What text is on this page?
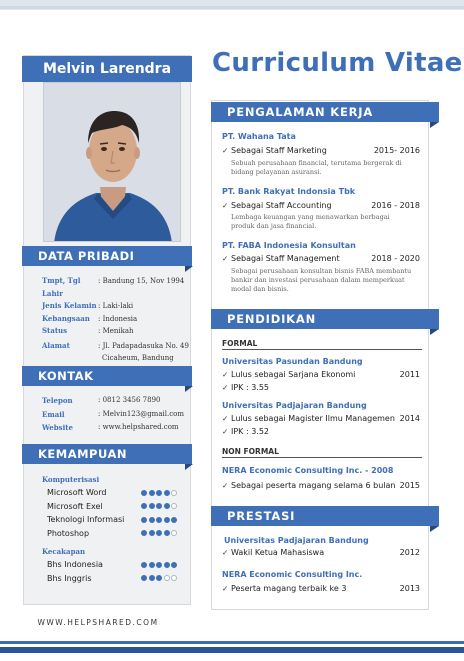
Melvin Larendra
DATA PRIBADI
Tmpt, Tgl Lahir
: Bandung 15, Nov 1994
Jenis Kelamin : Laki-laki
Kebangsaan	: Indonesia
Status	: Menikah
Alamat	: Jl. Padapadasuka No. 49
Cicaheum, Bandung
KONTAK
Telepon	: 0812 3456 7890
Email	: Melvin123@gmail.com
Website	: www.helpshared.com
KEMAMPUAN
Komputerisasi
Microsoft Word
Microsoft Exel
Teknologi Informasi
Photoshop
Kecakapan
Bhs Indonesia
Bhs Inggris
WWW.HELPSHARED.COM
Curriculum Vitae
PENGALAMAN KERJA
PT. Wahana Tata
✓ Sebagai Staff Marketing	2015- 2016
Sebuah perusahaan financial, terutama bergerak di bidang pelayanan asuransi.
PT. Bank Rakyat Indonsia Tbk
✓ Sebagai Staff Accounting	2016 - 2018
Lembaga keuangan yang menawarkan berbagai produk dan jasa financial.
PT. FABA Indonesia Konsultan
✓ Sebagai Staff Management	2018 - 2020
Sebagai perusahaan konsultan bisnis FABA membantu bankir dan investasi perusahaan dalam memperkuat modal dan bisnis.
PENDIDIKAN
FORMAL
Universitas Pasundan Bandung
✓ Lulus sebagai Sarjana Ekonomi	2011
✓ IPK : 3.55
Universitas Padjajaran Bandung
✓ Lulus sebagai Magister Ilmu Managemen 2014
✓ IPK : 3.52
NON FORMAL
NERA Economic Consulting Inc. - 2008
✓ Sebagai peserta magang selama 6 bulan 2015
PRESTASI
Universitas Padjajaran Bandung
✓ Wakil Ketua Mahasiswa	2012
NERA Economic Consulting Inc.
✓ Peserta magang terbaik ke 3	2013
